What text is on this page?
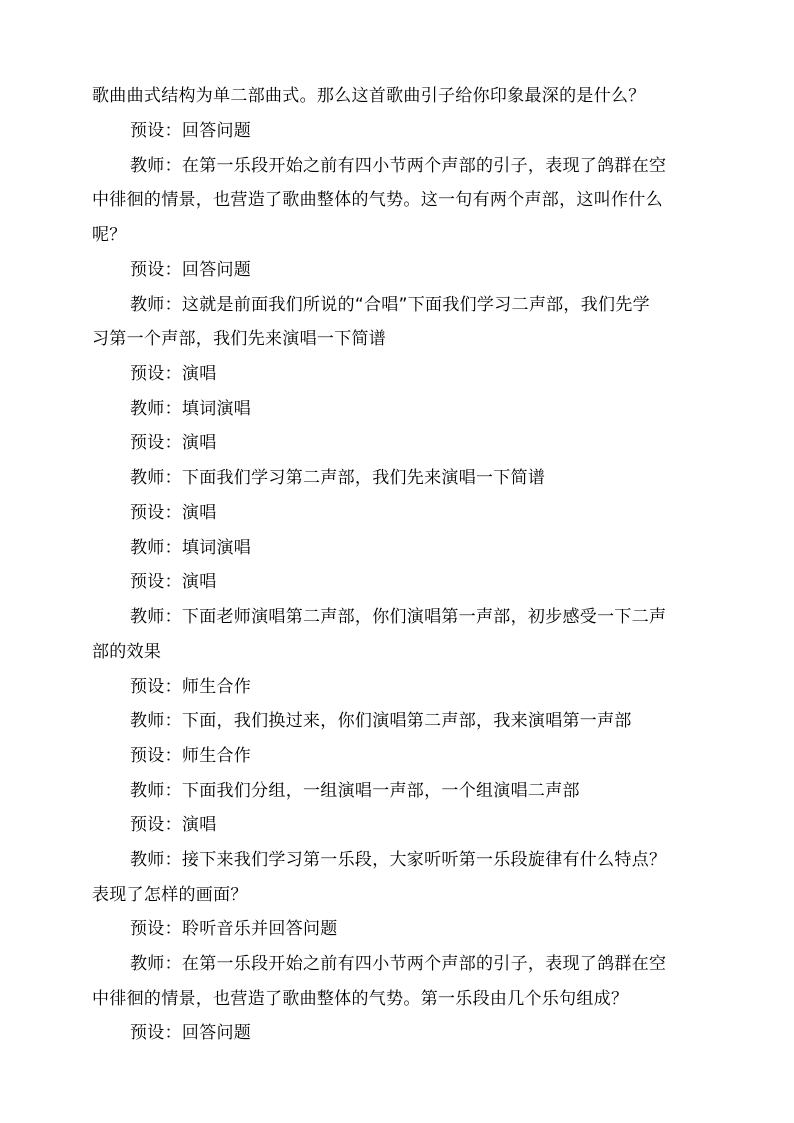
歌曲曲式结构为单二部曲式。那么这首歌曲引子给你印象最深的是什么？
预设：回答问题
教师：在第一乐段开始之前有四小节两个声部的引子，表现了鸽群在空
中徘徊的情景，也营造了歌曲整体的气势。这一句有两个声部，这叫作什么
呢？
预设：回答问题
教师：这就是前面我们所说的“合唱”下面我们学习二声部，我们先学
习第一个声部，我们先来演唱一下简谱
预设：演唱
教师：填词演唱
预设：演唱
教师：下面我们学习第二声部，我们先来演唱一下简谱
预设：演唱
教师：填词演唱
预设：演唱
教师：下面老师演唱第二声部，你们演唱第一声部，初步感受一下二声
部的效果
预设：师生合作
教师：下面，我们换过来，你们演唱第二声部，我来演唱第一声部
预设：师生合作
教师：下面我们分组，一组演唱一声部，一个组演唱二声部
预设：演唱
教师：接下来我们学习第一乐段，大家听听第一乐段旋律有什么特点？
表现了怎样的画面？
预设：聆听音乐并回答问题
教师：在第一乐段开始之前有四小节两个声部的引子，表现了鸽群在空
中徘徊的情景，也营造了歌曲整体的气势。第一乐段由几个乐句组成？
预设：回答问题
